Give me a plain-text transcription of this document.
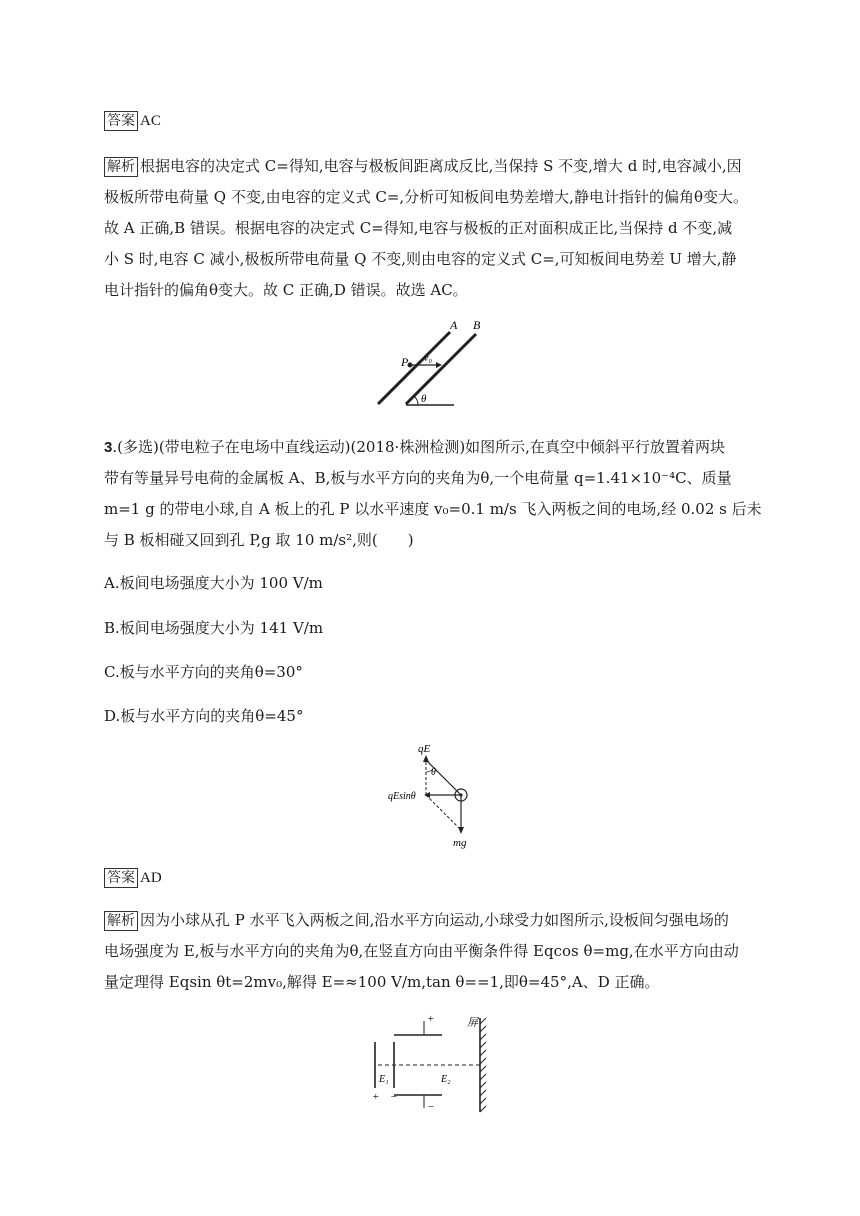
答案 AC
解析 根据电容的决定式 C=得知,电容与极板间距离成反比,当保持 S 不变,增大 d 时,电容减小,因
极板所带电荷量 Q 不变,由电容的定义式 C=,分析可知板间电势差增大,静电计指针的偏角θ变大。
故 A 正确,B 错误。根据电容的决定式 C=得知,电容与极板的正对面积成正比,当保持 d 不变,减
小 S 时,电容 C 减小,极板所带电荷量 Q 不变,则由电容的定义式 C=,可知板间电势差 U 增大,静
电计指针的偏角θ变大。故 C 正确,D 错误。故选 AC。
A B
P v₀
θ
3.(多选)(带电粒子在电场中直线运动)(2018·株洲检测)如图所示,在真空中倾斜平行放置着两块
带有等量异号电荷的金属板 A、B,板与水平方向的夹角为θ,一个电荷量 q=1.41×10⁻⁴C、质量
m=1 g 的带电小球,自 A 板上的孔 P 以水平速度 v₀=0.1 m/s 飞入两板之间的电场,经 0.02 s 后未
与 B 板相碰又回到孔 P,g 取 10 m/s²,则(　　)
A.板间电场强度大小为 100 V/m
B.板间电场强度大小为 141 V/m
C.板与水平方向的夹角θ=30°
D.板与水平方向的夹角θ=45°
qE
θ
qEsinθ
mg
答案 AD
解析 因为小球从孔 P 水平飞入两板之间,沿水平方向运动,小球受力如图所示,设板间匀强电场的
电场强度为 E,板与水平方向的夹角为θ,在竖直方向由平衡条件得 Eqcos θ=mg,在水平方向由动
量定理得 Eqsin θt=2mv₀,解得 E=≈100 V/m,tan θ==1,即θ=45°,A、D 正确。
+
−
+ −
E₁	E₂
屏
